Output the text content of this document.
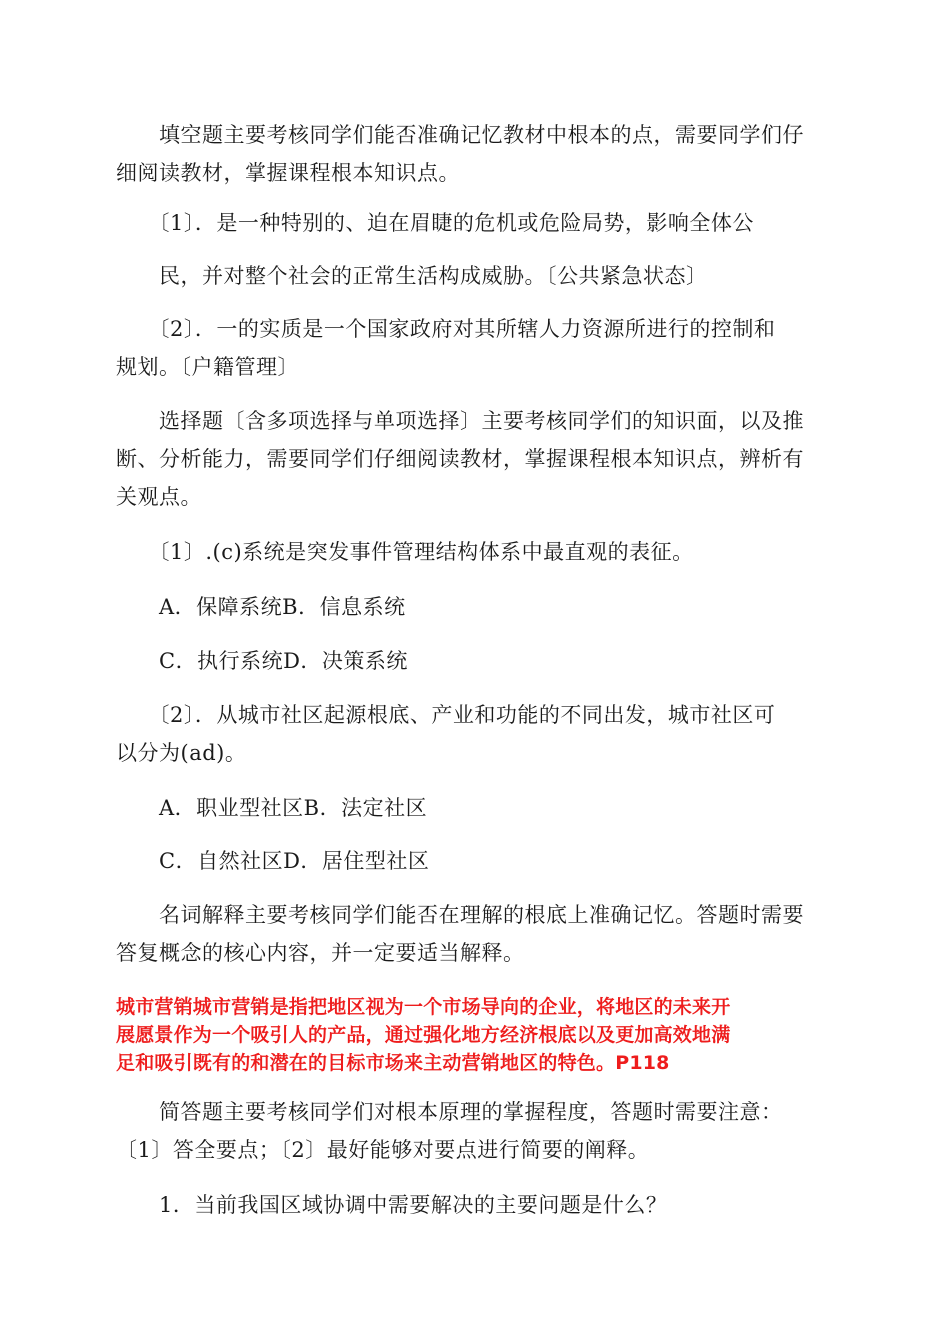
　　填空题主要考核同学们能否准确记忆教材中根本的点，需要同学们仔
细阅读教材，掌握课程根本知识点。
　　〔1〕．是一种特别的、迫在眉睫的危机或危险局势，影响全体公
　　民，并对整个社会的正常生活构成威胁。〔公共紧急状态〕
　　〔2〕．一的实质是一个国家政府对其所辖人力资源所进行的控制和
规划。〔户籍管理〕
　　选择题〔含多项选择与单项选择〕主要考核同学们的知识面，以及推
断、分析能力，需要同学们仔细阅读教材，掌握课程根本知识点，辨析有
关观点。
　　〔1〕.(c)系统是突发事件管理结构体系中最直观的表征。
　　A．保障系统B．信息系统
　　C．执行系统D．决策系统
　　〔2〕．从城市社区起源根底、产业和功能的不同出发，城市社区可
以分为(ad)。
　　A．职业型社区B．法定社区
　　C．自然社区D．居住型社区
　　名词解释主要考核同学们能否在理解的根底上准确记忆。答题时需要
答复概念的核心内容，并一定要适当解释。
城市营销城市营销是指把地区视为一个市场导向的企业，将地区的未来开
展愿景作为一个吸引人的产品，通过强化地方经济根底以及更加高效地满
足和吸引既有的和潜在的目标市场来主动营销地区的特色。P118
　　简答题主要考核同学们对根本原理的掌握程度，答题时需要注意：
〔1〕答全要点；〔2〕最好能够对要点进行简要的阐释。
　　1．当前我国区域协调中需要解决的主要问题是什么？
